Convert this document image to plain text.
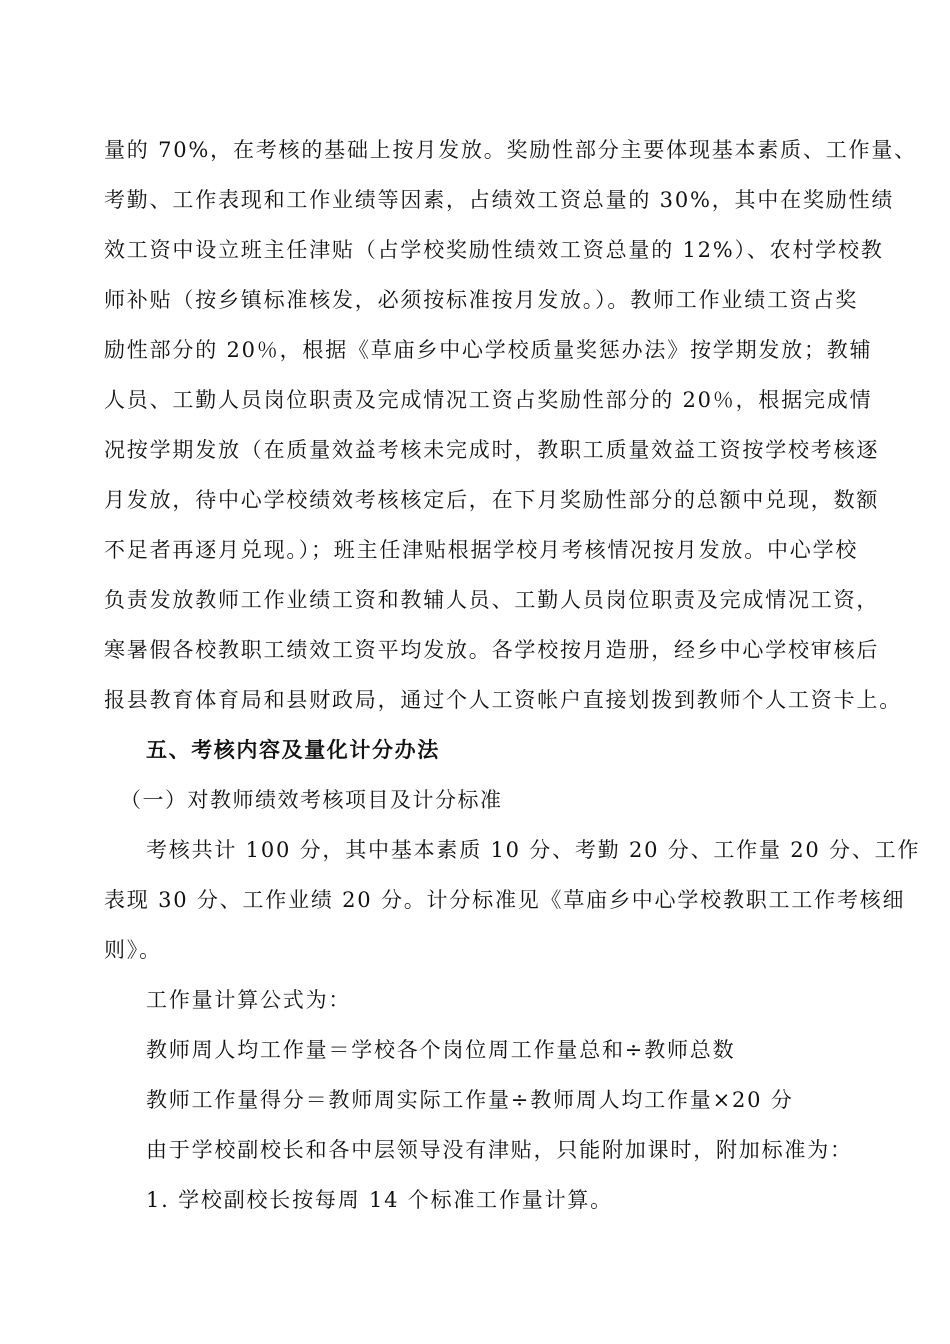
量的 70%，在考核的基础上按月发放。奖励性部分主要体现基本素质、工作量、
考勤、工作表现和工作业绩等因素，占绩效工资总量的 30%，其中在奖励性绩
效工资中设立班主任津贴（占学校奖励性绩效工资总量的 12%）、农村学校教
师补贴（按乡镇标准核发，必须按标准按月发放。）。教师工作业绩工资占奖
励性部分的 20％，根据《草庙乡中心学校质量奖惩办法》按学期发放；教辅
人员、工勤人员岗位职责及完成情况工资占奖励性部分的 20％，根据完成情
况按学期发放（在质量效益考核未完成时，教职工质量效益工资按学校考核逐
月发放，待中心学校绩效考核核定后，在下月奖励性部分的总额中兑现，数额
不足者再逐月兑现。）；班主任津贴根据学校月考核情况按月发放。中心学校
负责发放教师工作业绩工资和教辅人员、工勤人员岗位职责及完成情况工资，
寒暑假各校教职工绩效工资平均发放。各学校按月造册，经乡中心学校审核后
报县教育体育局和县财政局，通过个人工资帐户直接划拨到教师个人工资卡上。
五、考核内容及量化计分办法
（一）对教师绩效考核项目及计分标准
考核共计 100 分，其中基本素质 10 分、考勤 20 分、工作量 20 分、工作
表现 30 分、工作业绩 20 分。计分标准见《草庙乡中心学校教职工工作考核细
则》。
工作量计算公式为：
教师周人均工作量＝学校各个岗位周工作量总和÷教师总数
教师工作量得分＝教师周实际工作量÷教师周人均工作量×20 分
由于学校副校长和各中层领导没有津贴，只能附加课时，附加标准为：
1. 学校副校长按每周 14 个标准工作量计算。
